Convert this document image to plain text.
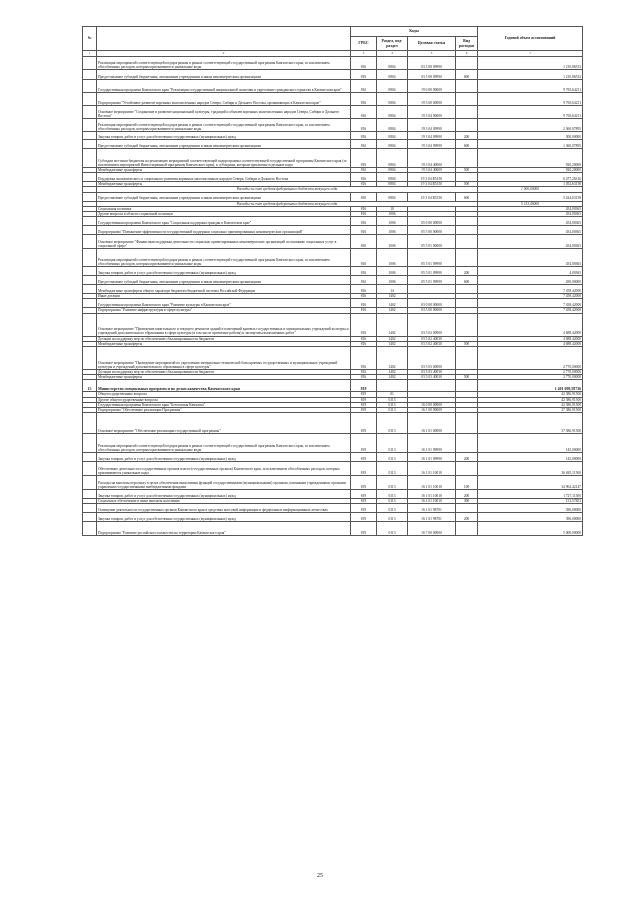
№		Коды				Годовой объем ассигнований
		ГРБС	Раздел, под-раздел	Целевая статья	Вид расходов	
1	2	3	4	5	6	7
	Реализация мероприятий соответствующей подпрограммы в рамках соответствующей государственной программы Камчатского края, за исключением обособленных расходов, которым присваиваются уникальные коды	816	0804	03 5 08 09990		1 210,86533
	Предоставление субсидий бюджетным, автономным учреждениям и иным некоммерческим организациям	816	0804	03 5 08 09990	600	1 210,86533
	Государственная программа Камчатского края "Реализация государственной национальной политики и укрепление гражданского единства в Камчатском крае"	816	0804	19 0 00 00000		9 765,64211
	Подпрограмма "Устойчивое развитие коренных малочисленных народов Севера, Сибири и Дальнего Востока, проживающих в Камчатском крае"	816	0804	19 3 00 00000		9 765,64211
	Основное мероприятие "Сохранение и развитие национальной культуры, традиций и обычаев коренных малочисленных народов Севера, Сибири и Дальнего Востока"	816	0804	19 3 04 00000		9 765,64211
	Реализация мероприятий соответствующей подпрограммы в рамках соответствующей государственной программы Камчатского края, за исключением обособленных расходов, которым присваиваются уникальные коды	816	0804	19 3 04 09990		2 360,07895
	Закупка товаров, работ и услуг для обеспечения государственных (муниципальных) нужд	816	0804	19 3 04 09990	200	300,00000
	Предоставление субсидий бюджетным, автономным учреждениям и иным некоммерческим организациям	816	0804	19 3 04 09990	600	1 360,07895
	Субсидии местным бюджетам на реализацию мероприятий соответствующей подпрограммы соответствующей государственной программы Камчатского края (за исключением мероприятий Инвестиционной программы Камчатского края), к субсидиям, которым присвоены отдельные коды	816	0804	19 3 04 40000		920,20000
	Межбюджетные трансферты	816	0804	19 3 04 40000	500	920,20000
	Поддержка экономического и социального развития коренных малочисленных народов Севера, Сибири и Дальнего Востока	816	0804	19 3 04 R5150		6 477,26316
	Межбюджетные трансферты	816	0804	19 3 04 R5150	500	1 052,63158
	Расходы за счет средств федерального бюджета текущего года					1 000,00000
	Предоставление субсидий бюджетным, автономным учреждениям и иным некоммерческим организациям	816	0804	19 3 04 R5150	600	5 424,63158
	Расходы за счет средств федерального бюджета текущего года					5 153,40000
	Социальная политика	816	10			454,00365
	Другие вопросы в области социальной политики	816	1006			454,00365
	Государственная программа Камчатского края "Социальная поддержка граждан в Камчатском крае"	816	1006	05 0 00 00000		454,00365
	Подпрограмма "Повышение эффективности государственной поддержки социально ориентированных некоммерческих организаций"	816	1006	05 5 00 00000		454,00365
	Основное мероприятие "Финансовая поддержка деятельности социально ориентированных некоммерческих организаций по оказанию социальных услуг в социальной сфере"	816	1006	05 5 01 00000		454,00365
	Реализация мероприятий соответствующей подпрограммы в рамках соответствующей государственной программы Камчатского края, за исключением обособленных расходов, которым присваиваются уникальные коды	816	1006	05 5 01 09990		454,00365
	Закупка товаров, работ и услуг для обеспечения государственных (муниципальных) нужд	816	1006	05 5 01 09990	200	4,00365
	Предоставление субсидий бюджетным, автономным учреждениям и иным некоммерческим организациям	816	1006	05 5 01 09990	600	450,00000
	Межбюджетные трансферты общего характера бюджетам бюджетной системы Российской Федерации	816	14			7 458,42000
	Иные дотации	816	1402			7 458,42000
	Государственная программа Камчатского края "Развитие культуры в Камчатском крае"	816	1402	03 0 00 00000		7 458,42000
	Подпрограмма "Развитие инфраструктуры в сфере культуры"	816	1402	03 5 00 00000		7 458,42000
	Основное мероприятие "Проведение капитального и текущего ремонтов зданий и помещений краевых государственных и муниципальных учреждений культуры и учреждений дополнительного образования в сфере культуры (в том числе проектные работы) и экспертизы выполненных работ"	816	1402	03 5 02 00000		4 688,42000
	Дотации на поддержку мер по обеспечению сбалансированности бюджетов	816	1402	03 5 02 40030		4 688,42000
	Межбюджетные трансферты	816	1402	03 5 02 40030	500	4 688,42000
	Основное мероприятие "Проведение мероприятий по укреплению материально-технической базы краевых государственных и муниципальных учреждений культуры и учреждений дополнительного образования в сфере культуры"	816	1402	03 5 03 00000		2 770,00000
	Дотации на поддержку мер по обеспечению сбалансированности бюджетов	816	1402	03 5 03 40030		2 770,00000
	Межбюджетные трансферты	816	1402	03 5 03 40030	500	2 770,00000
15	Министерство специальных программ и по делам казачества Камчатского края	819				1 401 099,58736
	Общегосударственные вопросы	819	01			42 386,91500
	Другие общегосударственные вопросы	819	0113			42 386,91500
	Государственная программа Камчатского края "Безопасная Камчатка"	819	0113	16 0 00 00000		42 386,91500
	Подпрограмма "Обеспечение реализации Программы"	819	0113	16 1 00 00000		37 386,91500
	Основное мероприятие "Обеспечение реализации государственной программы"	819	0113	16 1 01 00000		37 386,91500
	Реализация мероприятий соответствующей подпрограммы в рамках соответствующей государственной программы Камчатского края, за исключением обособленных расходов, которым присваиваются уникальные коды	819	0113	16 1 01 09990		145,00000
	Закупка товаров, работ и услуг для обеспечения государственных (муниципальных) нужд	819	0113	16 1 01 09990	200	145,00000
	Обеспечение деятельности государственных органов власти (государственных органов) Камчатского края, за исключением обособленных расходов, которым присваиваются уникальные коды	819	0113	16 1 01 10010		36 845,11500
	Расходы на выплаты персоналу в целях обеспечения выполнения функций государственными (муниципальными) органами, казенными учреждениями, органами управления государственными внебюджетными фондами	819	0113	16 1 01 10010	100	34 964,42147
	Закупка товаров, работ и услуг для обеспечения государственных (муниципальных) нужд	819	0113	16 1 01 10010	200	1 727,11500
	Социальное обеспечение и иные выплаты населению	819	0113	16 1 01 10010	300	153,57853
	Освещение деятельности государственных органов Камчатского края в средствах массовой информации и федеральных информационных агентствах	819	0113	16 1 01 98701		396,00000
	Закупка товаров, работ и услуг для обеспечения государственных (муниципальных) нужд	819	0113	16 1 01 98701	200	396,00000
	Подпрограмма "Развитие российского казачества на территории Камчатского края"	819	0113	16 7 00 00000		5 000,00000
25
